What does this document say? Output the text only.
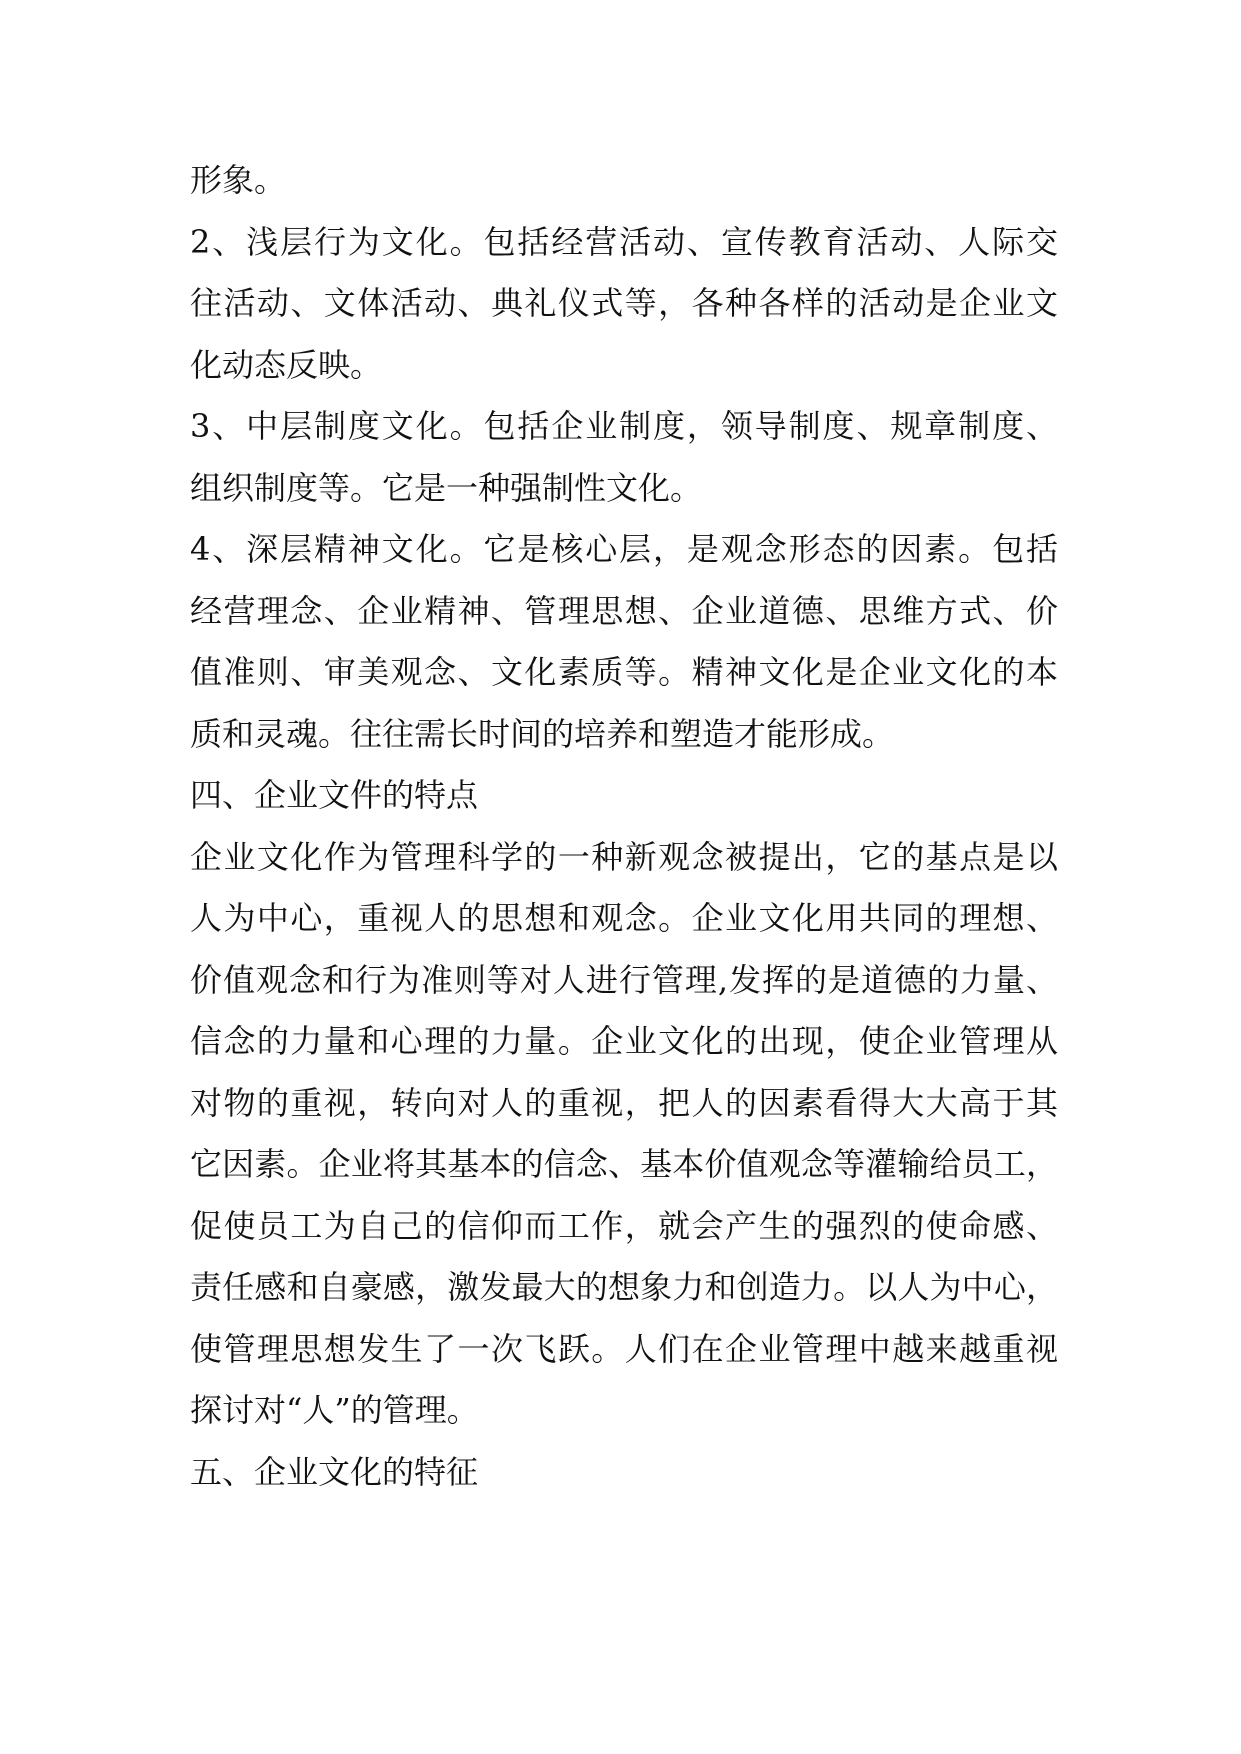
形象。
2、浅层行为文化。包括经营活动、宣传教育活动、人际交
往活动、文体活动、典礼仪式等，各种各样的活动是企业文
化动态反映。
3、中层制度文化。包括企业制度，领导制度、规章制度、
组织制度等。它是一种强制性文化。
4、深层精神文化。它是核心层，是观念形态的因素。包括
经营理念、企业精神、管理思想、企业道德、思维方式、价
值准则、审美观念、文化素质等。精神文化是企业文化的本
质和灵魂。往往需长时间的培养和塑造才能形成。
四、企业文件的特点
企业文化作为管理科学的一种新观念被提出，它的基点是以
人为中心，重视人的思想和观念。企业文化用共同的理想、
价值观念和行为准则等对人进行管理,发挥的是道德的力量、
信念的力量和心理的力量。企业文化的出现，使企业管理从
对物的重视，转向对人的重视，把人的因素看得大大高于其
它因素。企业将其基本的信念、基本价值观念等灌输给员工，
促使员工为自己的信仰而工作，就会产生的强烈的使命感、
责任感和自豪感，激发最大的想象力和创造力。以人为中心，
使管理思想发生了一次飞跃。人们在企业管理中越来越重视
探讨对“人”的管理。
五、企业文化的特征
